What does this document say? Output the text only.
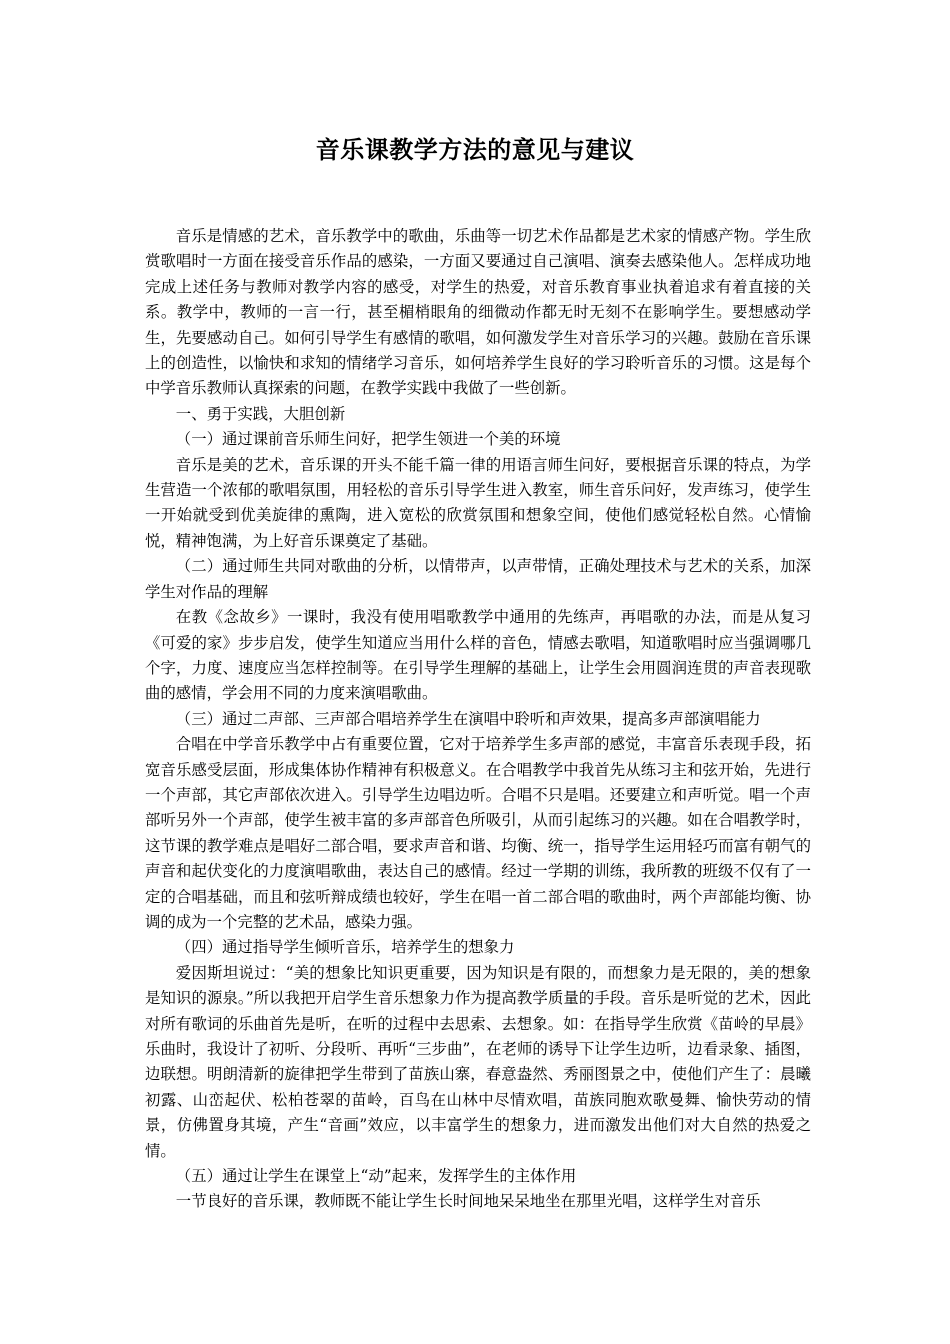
音乐课教学方法的意见与建议

音乐是情感的艺术，音乐教学中的歌曲，乐曲等一切艺术作品都是艺术家的情感产物。学生欣赏歌唱时一方面在接受音乐作品的感染，一方面又要通过自己演唱、演奏去感染他人。怎样成功地完成上述任务与教师对教学内容的感受，对学生的热爱，对音乐教育事业执着追求有着直接的关系。教学中，教师的一言一行，甚至楣梢眼角的细微动作都无时无刻不在影响学生。要想感动学生，先要感动自己。如何引导学生有感情的歌唱，如何激发学生对音乐学习的兴趣。鼓励在音乐课上的创造性，以愉快和求知的情绪学习音乐，如何培养学生良好的学习聆听音乐的习惯。这是每个中学音乐教师认真探索的问题，在教学实践中我做了一些创新。

一、勇于实践，大胆创新

（一）通过课前音乐师生问好，把学生领进一个美的环境

音乐是美的艺术，音乐课的开头不能千篇一律的用语言师生问好，要根据音乐课的特点，为学生营造一个浓郁的歌唱氛围，用轻松的音乐引导学生进入教室，师生音乐问好，发声练习，使学生一开始就受到优美旋律的熏陶，进入宽松的欣赏氛围和想象空间，使他们感觉轻松自然。心情愉悦，精神饱满，为上好音乐课奠定了基础。

（二）通过师生共同对歌曲的分析，以情带声，以声带情，正确处理技术与艺术的关系，加深学生对作品的理解

在教《念故乡》一课时，我没有使用唱歌教学中通用的先练声，再唱歌的办法，而是从复习《可爱的家》步步启发，使学生知道应当用什么样的音色，情感去歌唱，知道歌唱时应当强调哪几个字，力度、速度应当怎样控制等。在引导学生理解的基础上，让学生会用圆润连贯的声音表现歌曲的感情，学会用不同的力度来演唱歌曲。

（三）通过二声部、三声部合唱培养学生在演唱中聆听和声效果，提高多声部演唱能力

合唱在中学音乐教学中占有重要位置，它对于培养学生多声部的感觉，丰富音乐表现手段，拓宽音乐感受层面，形成集体协作精神有积极意义。在合唱教学中我首先从练习主和弦开始，先进行一个声部，其它声部依次进入。引导学生边唱边听。合唱不只是唱。还要建立和声听觉。唱一个声部听另外一个声部，使学生被丰富的多声部音色所吸引，从而引起练习的兴趣。如在合唱教学时，这节课的教学难点是唱好二部合唱，要求声音和谐、均衡、统一，指导学生运用轻巧而富有朝气的声音和起伏变化的力度演唱歌曲，表达自己的感情。经过一学期的训练，我所教的班级不仅有了一定的合唱基础，而且和弦听辩成绩也较好，学生在唱一首二部合唱的歌曲时，两个声部能均衡、协调的成为一个完整的艺术品，感染力强。

（四）通过指导学生倾听音乐，培养学生的想象力

爱因斯坦说过：“美的想象比知识更重要，因为知识是有限的，而想象力是无限的，美的想象是知识的源泉。”所以我把开启学生音乐想象力作为提高教学质量的手段。音乐是听觉的艺术，因此对所有歌词的乐曲首先是听，在听的过程中去思索、去想象。如：在指导学生欣赏《苗岭的早晨》乐曲时，我设计了初听、分段听、再听“三步曲”，在老师的诱导下让学生边听，边看录象、插图，边联想。明朗清新的旋律把学生带到了苗族山寨，春意盎然、秀丽图景之中，使他们产生了：晨曦初露、山峦起伏、松柏苍翠的苗岭，百鸟在山林中尽情欢唱，苗族同胞欢歌曼舞、愉快劳动的情景，仿佛置身其境，产生“音画”效应，以丰富学生的想象力，进而激发出他们对大自然的热爱之情。

（五）通过让学生在课堂上“动”起来，发挥学生的主体作用

一节良好的音乐课，教师既不能让学生长时间地呆呆地坐在那里光唱，这样学生对音乐
